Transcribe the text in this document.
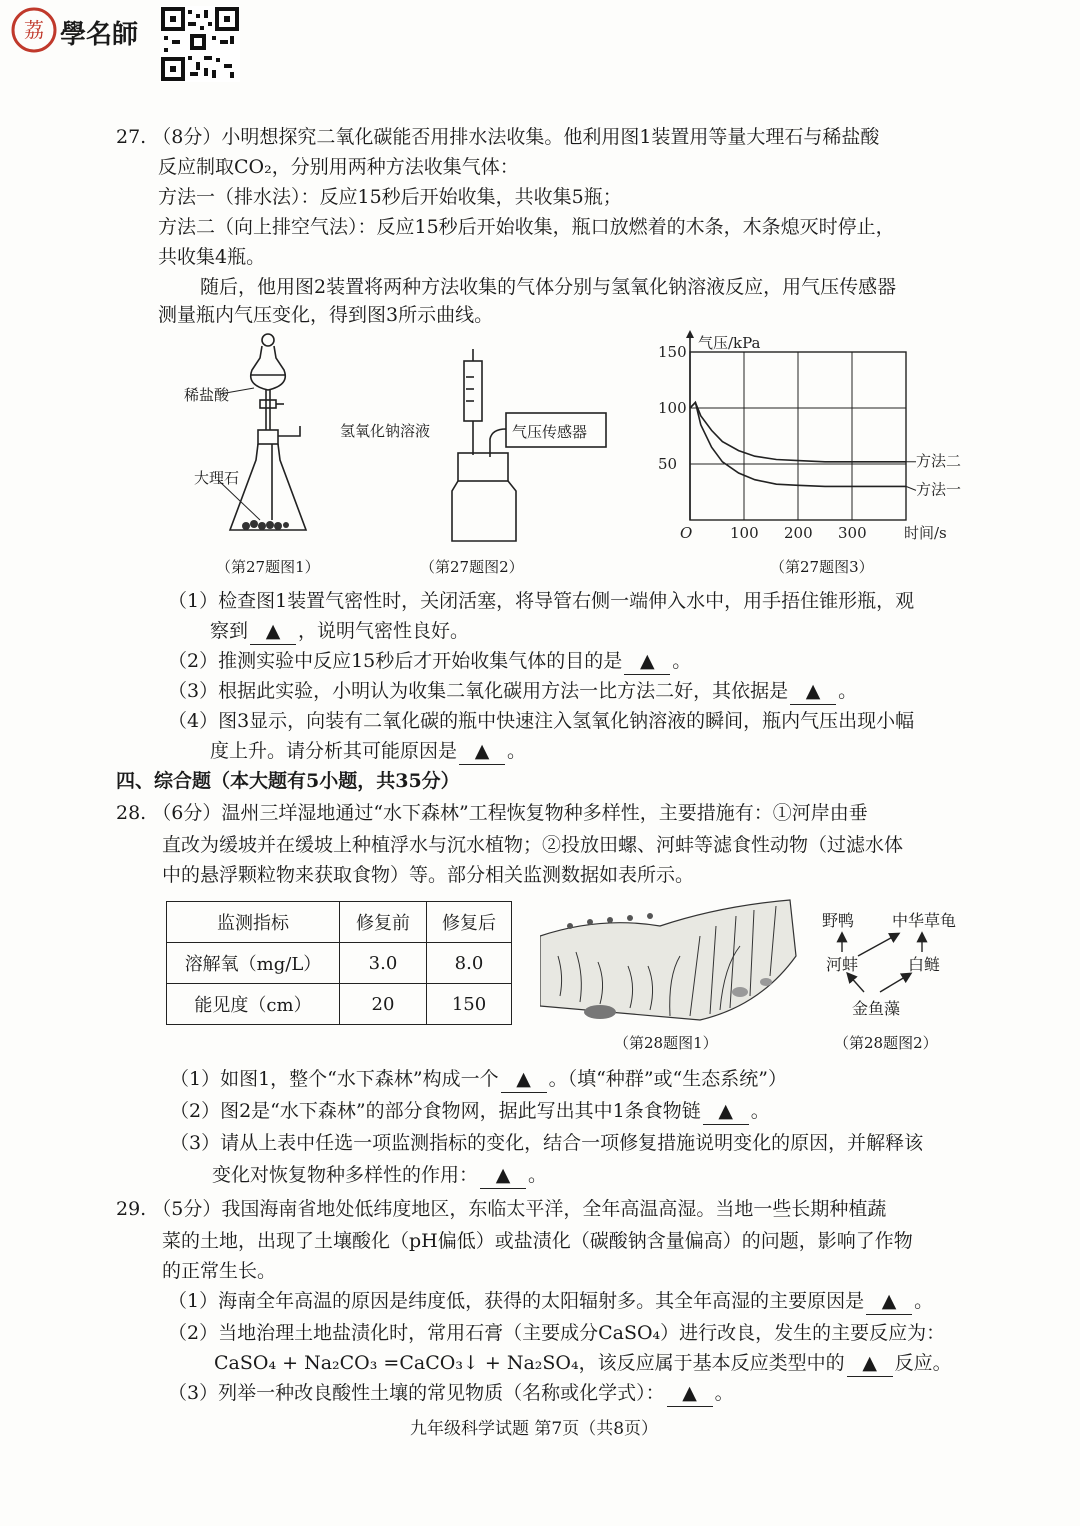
荔 學名師
27. （8分）小明想探究二氧化碳能否用排水法收集。他利用图1装置用等量大理石与稀盐酸
反应制取CO₂，分别用两种方法收集气体：
方法一（排水法）：反应15秒后开始收集，共收集5瓶；
方法二（向上排空气法）：反应15秒后开始收集，瓶口放燃着的木条，木条熄灭时停止，
共收集4瓶。
随后，他用图2装置将两种方法收集的气体分别与氢氧化钠溶液反应，用气压传感器
测量瓶内气压变化，得到图3所示曲线。
稀盐酸
大理石
（第27题图1）
氢氧化钠溶液	气压传感器
（第27题图2）
100 200 300
50
100
150
方法二
方法一
气压/kPa
时间/s
O
（第27题图3）
（1）检查图1装置气密性时，关闭活塞，将导管右侧一端伸入水中，用手捂住锥形瓶，观
察到 ▲ ，说明气密性良好。
（2）推测实验中反应15秒后才开始收集气体的目的是 ▲ 。
（3）根据此实验，小明认为收集二氧化碳用方法一比方法二好，其依据是 ▲ 。
（4）图3显示，向装有二氧化碳的瓶中快速注入氢氧化钠溶液的瞬间，瓶内气压出现小幅
度上升。请分析其可能原因是 ▲ 。
四、综合题（本大题有5小题，共35分）
28. （6分）温州三垟湿地通过“水下森林”工程恢复物种多样性，主要措施有：①河岸由垂
直改为缓坡并在缓坡上种植浮水与沉水植物；②投放田螺、河蚌等滤食性动物（过滤水体
中的悬浮颗粒物来获取食物）等。部分相关监测数据如表所示。
监测指标	修复前	修复后
溶解氧（mg/L）	3.0	8.0
能见度（cm）	20	150
（第28题图1）
野鸭 中华草龟
河蚌	白鲢
金鱼藻
（第28题图2）
（1）如图1，整个“水下森林”构成一个 ▲ 。（填“种群”或“生态系统”）
（2）图2是“水下森林”的部分食物网，据此写出其中1条食物链 ▲ 。
（3）请从上表中任选一项监测指标的变化，结合一项修复措施说明变化的原因，并解释该
变化对恢复物种多样性的作用： ▲ 。
29. （5分）我国海南省地处低纬度地区，东临太平洋，全年高温高湿。当地一些长期种植蔬
菜的土地，出现了土壤酸化（pH偏低）或盐渍化（碳酸钠含量偏高）的问题，影响了作物
的正常生长。
（1）海南全年高温的原因是纬度低，获得的太阳辐射多。其全年高湿的主要原因是 ▲ 。
（2）当地治理土地盐渍化时，常用石膏（主要成分CaSO₄）进行改良，发生的主要反应为：
CaSO₄ + Na₂CO₃ =CaCO₃↓ + Na₂SO₄，该反应属于基本反应类型中的 ▲ 反应。
（3）列举一种改良酸性土壤的常见物质（名称或化学式）： ▲ 。
九年级科学试题 第7页（共8页）
